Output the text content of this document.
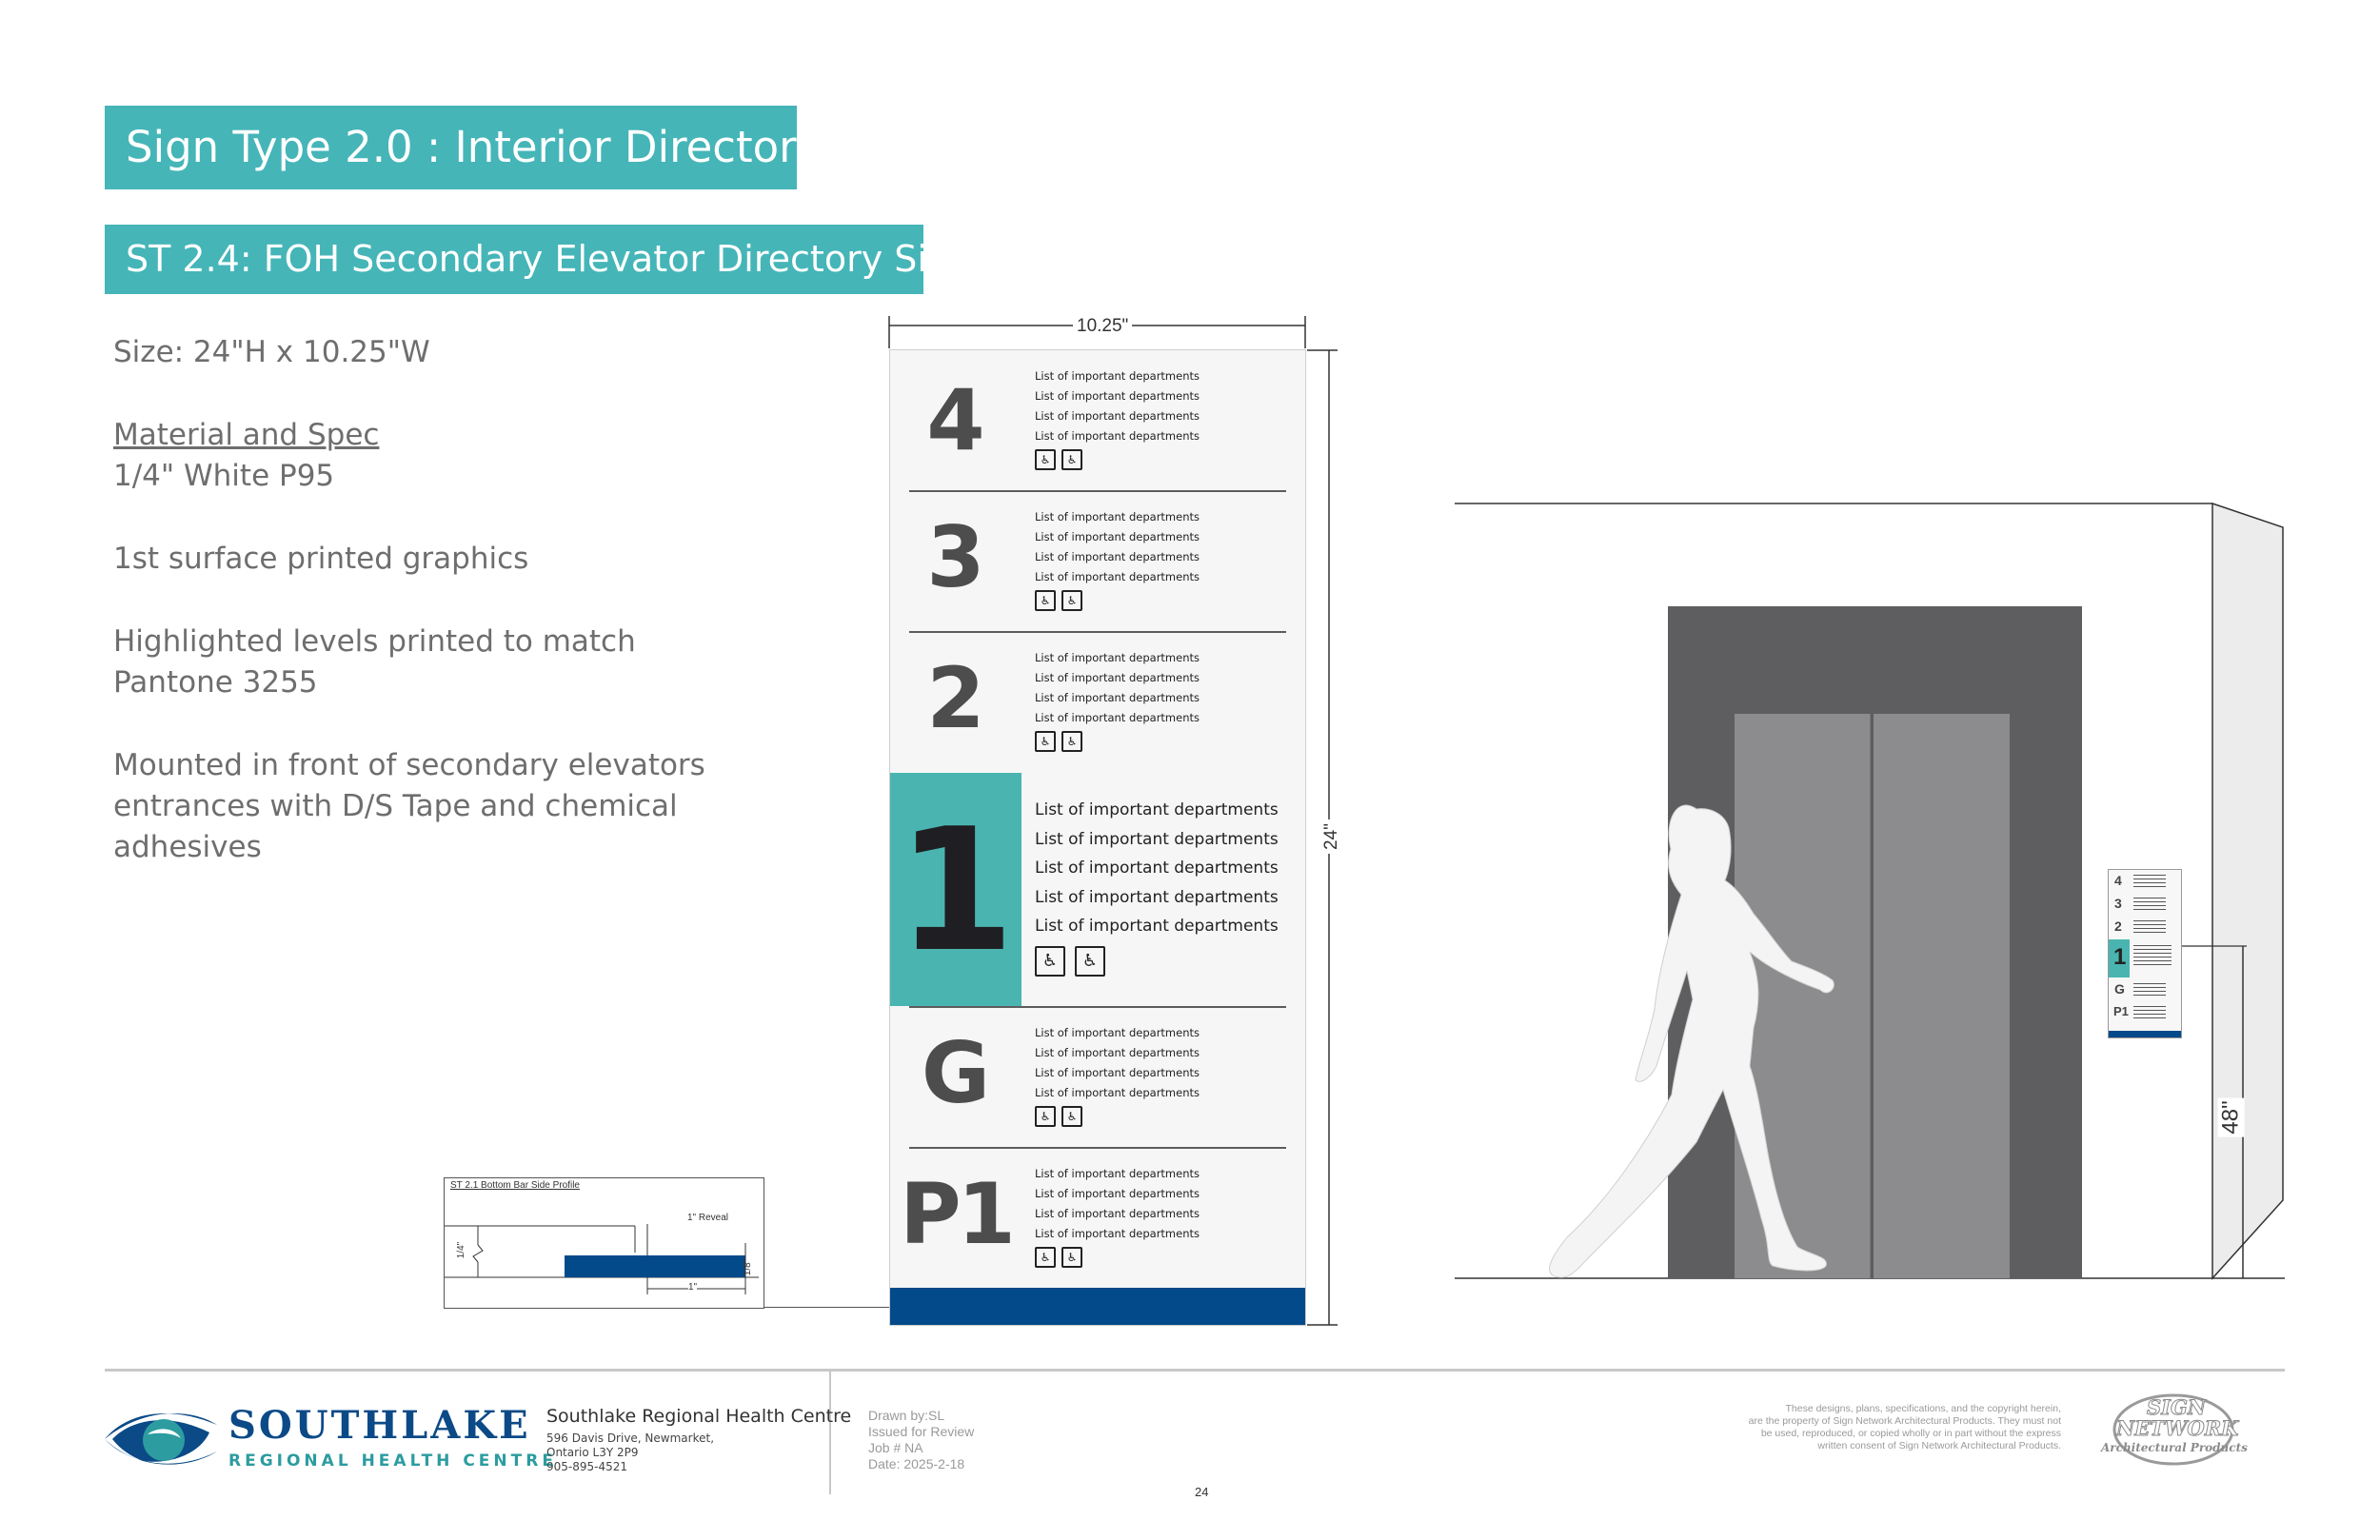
Sign Type 2.0 : Interior Directory
ST 2.4: FOH Secondary Elevator Directory Signs
Size: 24"H x 10.25"W
Material and Spec
1/4" White P95
1st surface printed graphics
Highlighted levels printed to match
Pantone 3255
Mounted in front of secondary elevators
entrances with D/S Tape and chemical
adhesives
10.25"
24"
4	List of important departments
List of important departments
List of important departments
List of important departments
♿	♿
3	List of important departments
List of important departments
List of important departments
List of important departments
♿	♿
2	List of important departments
List of important departments
List of important departments
List of important departments
♿	♿
1	List of important departments
List of important departments
List of important departments
List of important departments
List of important departments
♿	♿
G	List of important departments
List of important departments
List of important departments
List of important departments
♿	♿
P1	List of important departments
List of important departments
List of important departments
List of important departments
♿	♿
ST 2.1 Bottom Bar Side Profile
1" Reveal
1/4"
1/8"
1"
48"
4
3
2
1
G
P1
SOUTHLAKE
REGIONAL HEALTH CENTRE
Southlake Regional Health Centre
596 Davis Drive, Newmarket,
Ontario L3Y 2P9
905-895-4521
Drawn by:SL
Issued for Review
Job # NA
Date: 2025-2-18
These designs, plans, specifications, and the copyright herein,
are the property of Sign Network Architectural Products. They must not
be used, reproduced, or copied wholly or in part without the express
written consent of Sign Network Architectural Products.
24
SIGN
NETWORK
Architectural Products
